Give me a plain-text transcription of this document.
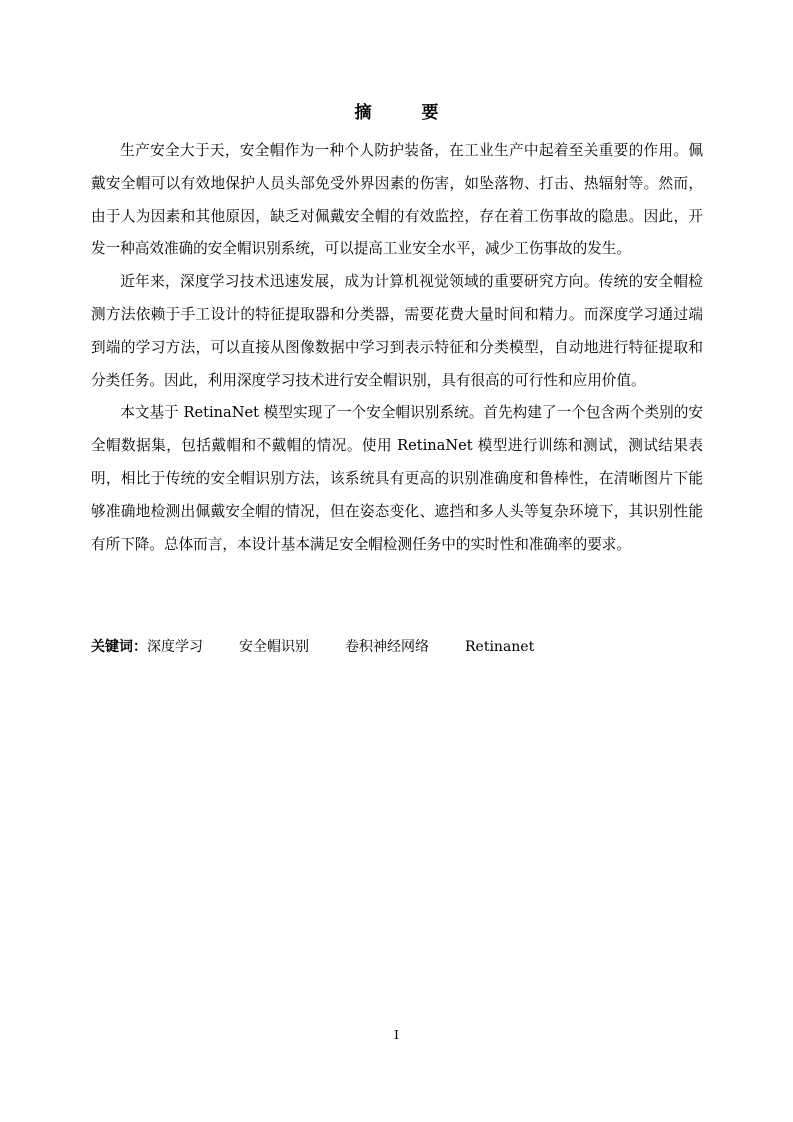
摘	要

生产安全大于天，安全帽作为一种个人防护装备，在工业生产中起着至关重要的作用。佩戴安全帽可以有效地保护人员头部免受外界因素的伤害，如坠落物、打击、热辐射等。然而，由于人为因素和其他原因，缺乏对佩戴安全帽的有效监控，存在着工伤事故的隐患。因此，开发一种高效准确的安全帽识别系统，可以提高工业安全水平，减少工伤事故的发生。

近年来，深度学习技术迅速发展，成为计算机视觉领域的重要研究方向。传统的安全帽检测方法依赖于手工设计的特征提取器和分类器，需要花费大量时间和精力。而深度学习通过端到端的学习方法，可以直接从图像数据中学习到表示特征和分类模型，自动地进行特征提取和分类任务。因此，利用深度学习技术进行安全帽识别，具有很高的可行性和应用价值。

本文基于 RetinaNet 模型实现了一个安全帽识别系统。首先构建了一个包含两个类别的安全帽数据集，包括戴帽和不戴帽的情况。使用 RetinaNet 模型进行训练和测试，测试结果表明，相比于传统的安全帽识别方法，该系统具有更高的识别准确度和鲁棒性，在清晰图片下能够准确地检测出佩戴安全帽的情况，但在姿态变化、遮挡和多人头等复杂环境下，其识别性能有所下降。总体而言，本设计基本满足安全帽检测任务中的实时性和准确率的要求。

关键词：深度学习	安全帽识别	卷积神经网络	Retinanet
I
